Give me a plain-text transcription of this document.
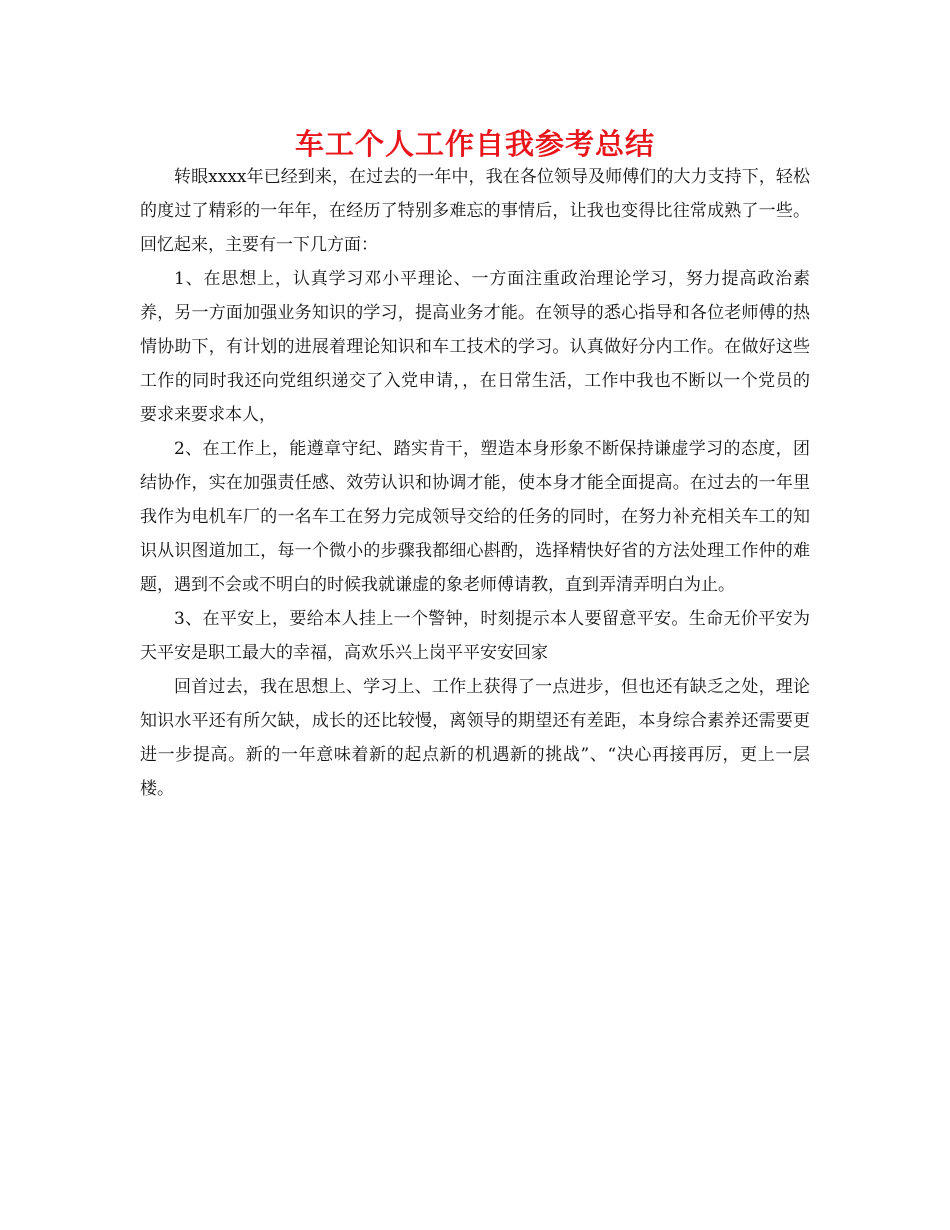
车工个人工作自我参考总结

转眼xxxx年已经到来，在过去的一年中，我在各位领导及师傅们的大力支持下，轻松的度过了精彩的一年年，在经历了特别多难忘的事情后，让我也变得比往常成熟了一些。回忆起来，主要有一下几方面：

1、在思想上，认真学习邓小平理论、一方面注重政治理论学习，努力提高政治素养，另一方面加强业务知识的学习，提高业务才能。在领导的悉心指导和各位老师傅的热情协助下，有计划的进展着理论知识和车工技术的学习。认真做好分内工作。在做好这些工作的同时我还向党组织递交了入党申请，，在日常生活，工作中我也不断以一个党员的要求来要求本人，

2、在工作上，能遵章守纪、踏实肯干，塑造本身形象不断保持谦虚学习的态度，团结协作，实在加强责任感、效劳认识和协调才能，使本身才能全面提高。在过去的一年里我作为电机车厂的一名车工在努力完成领导交给的任务的同时，在努力补充相关车工的知识从识图道加工，每一个微小的步骤我都细心斟酌，选择精快好省的方法处理工作仲的难题，遇到不会或不明白的时候我就谦虚的象老师傅请教，直到弄清弄明白为止。

3、在平安上，要给本人挂上一个警钟，时刻提示本人要留意平安。生命无价平安为天平安是职工最大的幸福，高欢乐兴上岗平平安安回家

回首过去，我在思想上、学习上、工作上获得了一点进步，但也还有缺乏之处，理论知识水平还有所欠缺，成长的还比较慢，离领导的期望还有差距，本身综合素养还需要更进一步提高。新的一年意味着新的起点新的机遇新的挑战”、“决心再接再厉，更上一层楼。
